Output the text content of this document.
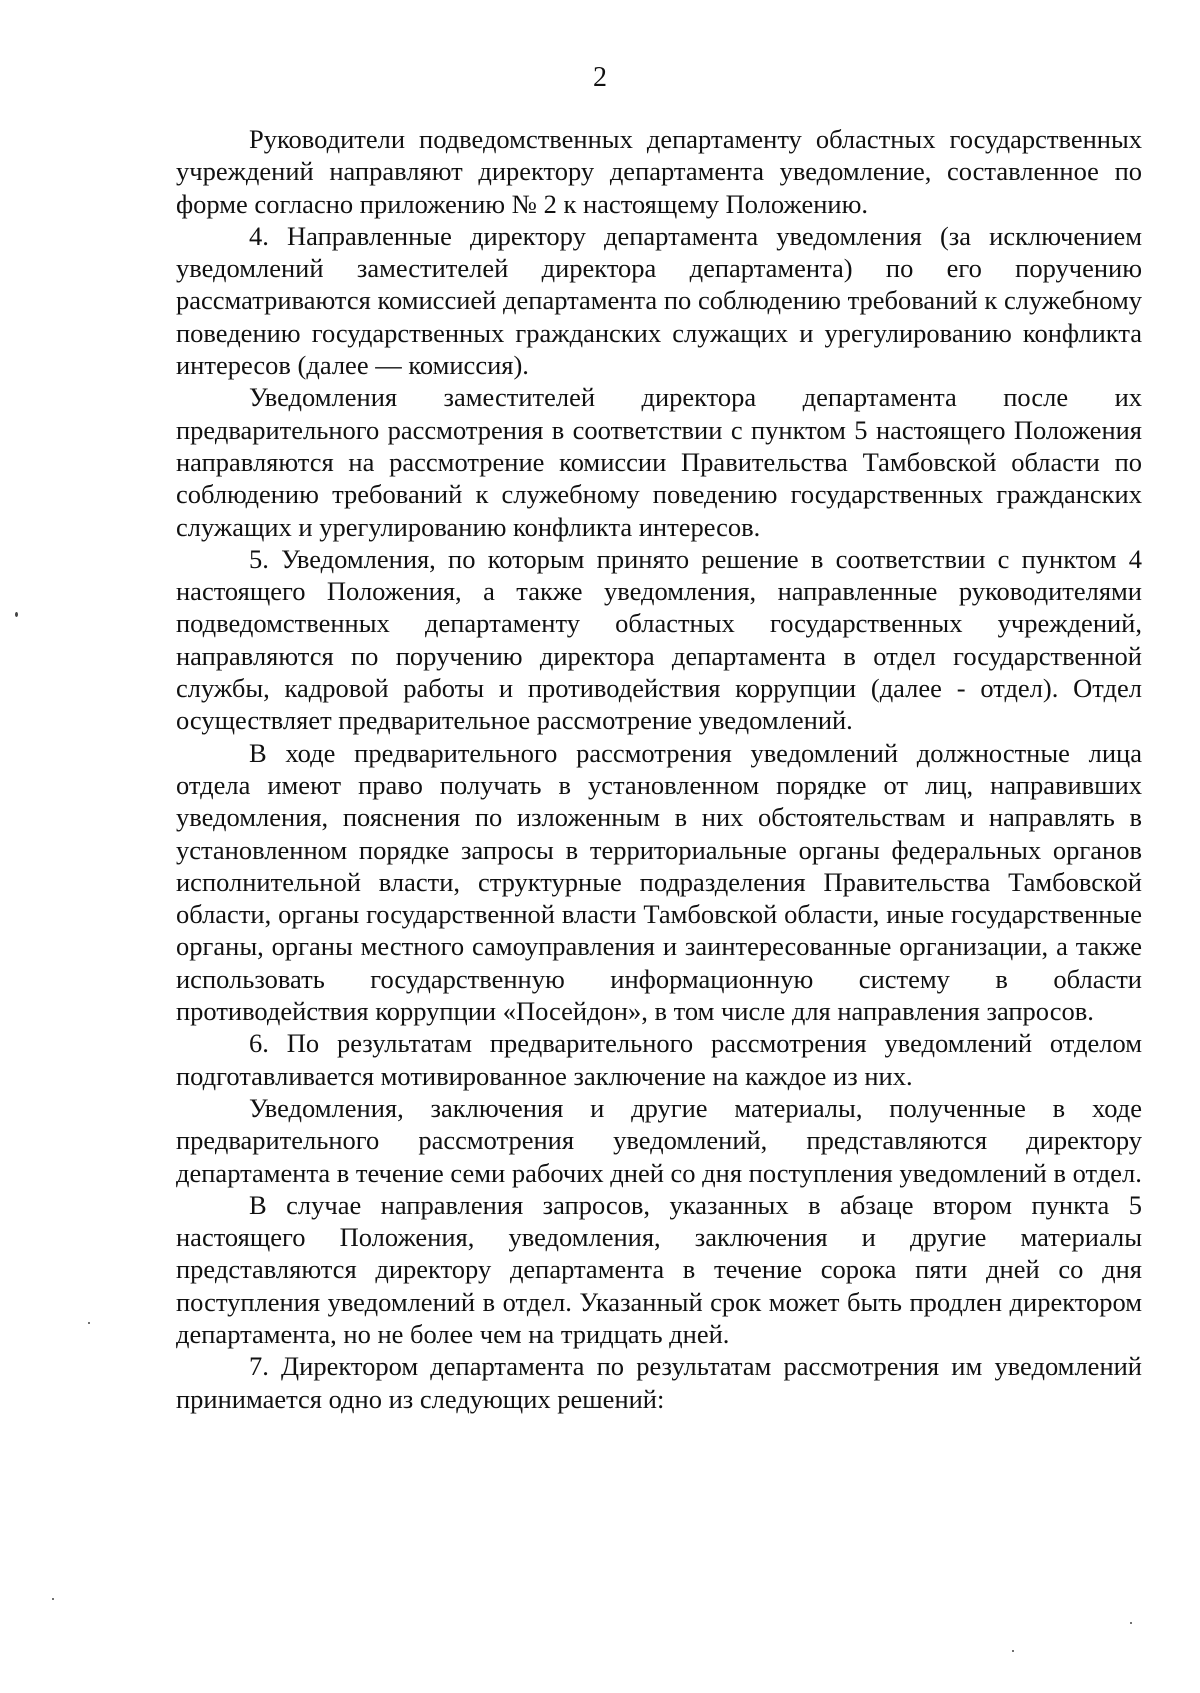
2

Руководители подведомственных департаменту областных государственных учреждений направляют директору департамента уведомление, составленное по форме согласно приложению № 2 к настоящему Положению.

4. Направленные директору департамента уведомления (за исключением уведомлений заместителей директора департамента) по его поручению рассматриваются комиссией департамента по соблюдению требований к служебному поведению государственных гражданских служащих и урегулированию конфликта интересов (далее — комиссия).

Уведомления заместителей директора департамента после их предварительного рассмотрения в соответствии с пунктом 5 настоящего Положения направляются на рассмотрение комиссии Правительства Тамбовской области по соблюдению требований к служебному поведению государственных гражданских служащих и урегулированию конфликта интересов.

5. Уведомления, по которым принято решение в соответствии с пунктом 4 настоящего Положения, а также уведомления, направленные руководителями подведомственных департаменту областных государственных учреждений, направляются по поручению директора департамента в отдел государственной службы, кадровой работы и противодействия коррупции (далее - отдел). Отдел осуществляет предварительное рассмотрение уведомлений.

В ходе предварительного рассмотрения уведомлений должностные лица отдела имеют право получать в установленном порядке от лиц, направивших уведомления, пояснения по изложенным в них обстоятельствам и направлять в установленном порядке запросы в территориальные органы федеральных органов исполнительной власти, структурные подразделения Правительства Тамбовской области, органы государственной власти Тамбовской области, иные государственные органы, органы местного самоуправления и заинтересованные организации, а также использовать государственную информационную систему в области противодействия коррупции «Посейдон», в том числе для направления запросов.

6. По результатам предварительного рассмотрения уведомлений отделом подготавливается мотивированное заключение на каждое из них.

Уведомления, заключения и другие материалы, полученные в ходе предварительного рассмотрения уведомлений, представляются директору департамента в течение семи рабочих дней со дня поступления уведомлений в отдел.

В случае направления запросов, указанных в абзаце втором пункта 5 настоящего Положения, уведомления, заключения и другие материалы представляются директору департамента в течение сорока пяти дней со дня поступления уведомлений в отдел. Указанный срок может быть продлен директором департамента, но не более чем на тридцать дней.

7. Директором департамента по результатам рассмотрения им уведомлений принимается одно из следующих решений:
